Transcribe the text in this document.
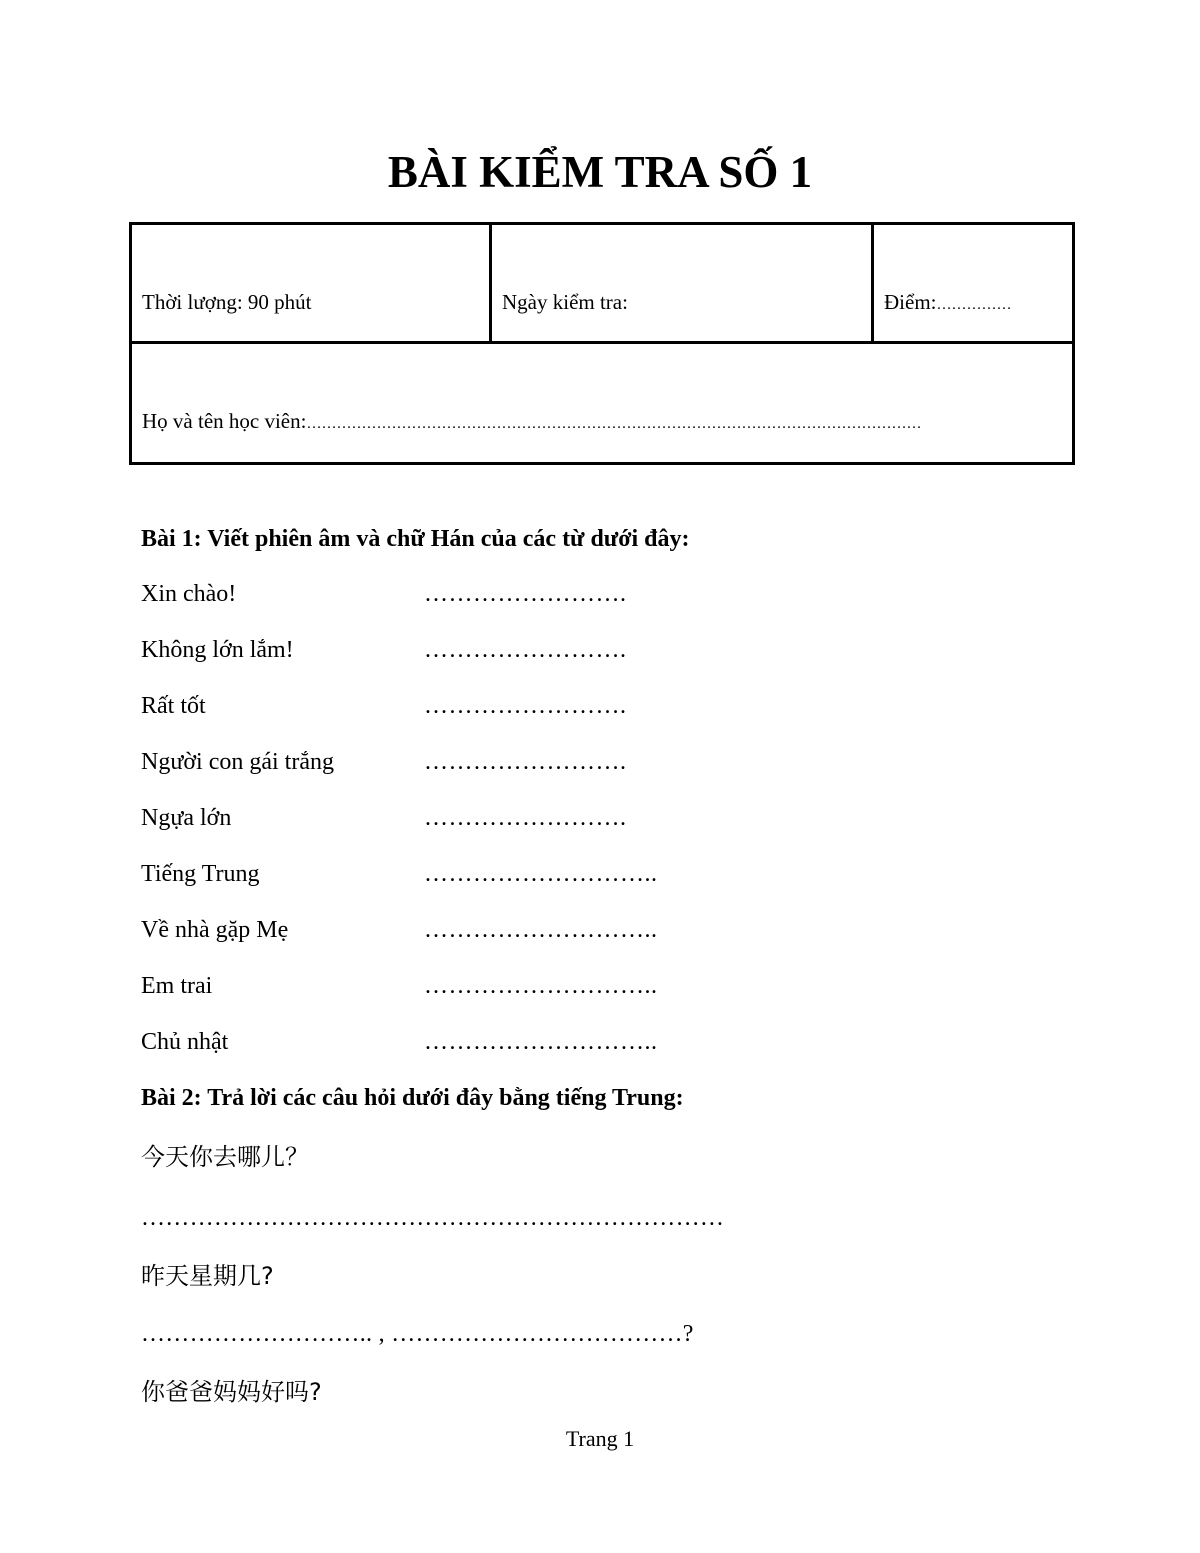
BÀI KIỂM TRA SỐ 1
Thời lượng: 90 phút	Ngày kiểm tra:	Điểm:……………
Họ và tên học viên:……………………………………………………………………………………………………………
Bài 1: Viết phiên âm và chữ Hán của các từ dưới đây:
Xin chào!	…………………….
Không lớn lắm!	…………………….
Rất tốt	…………………….
Người con gái trắng	…………………….
Ngựa lớn	…………………….
Tiếng Trung	………………………..
Về nhà gặp Mẹ	………………………..
Em trai	………………………..
Chủ nhật	………………………..
Bài 2: Trả lời các câu hỏi dưới đây bằng tiếng Trung:
今天你去哪儿？
………………………………………………………………
昨天星期几?
……………………….. , ………………………………?
你爸爸妈妈好吗?
Trang 1
